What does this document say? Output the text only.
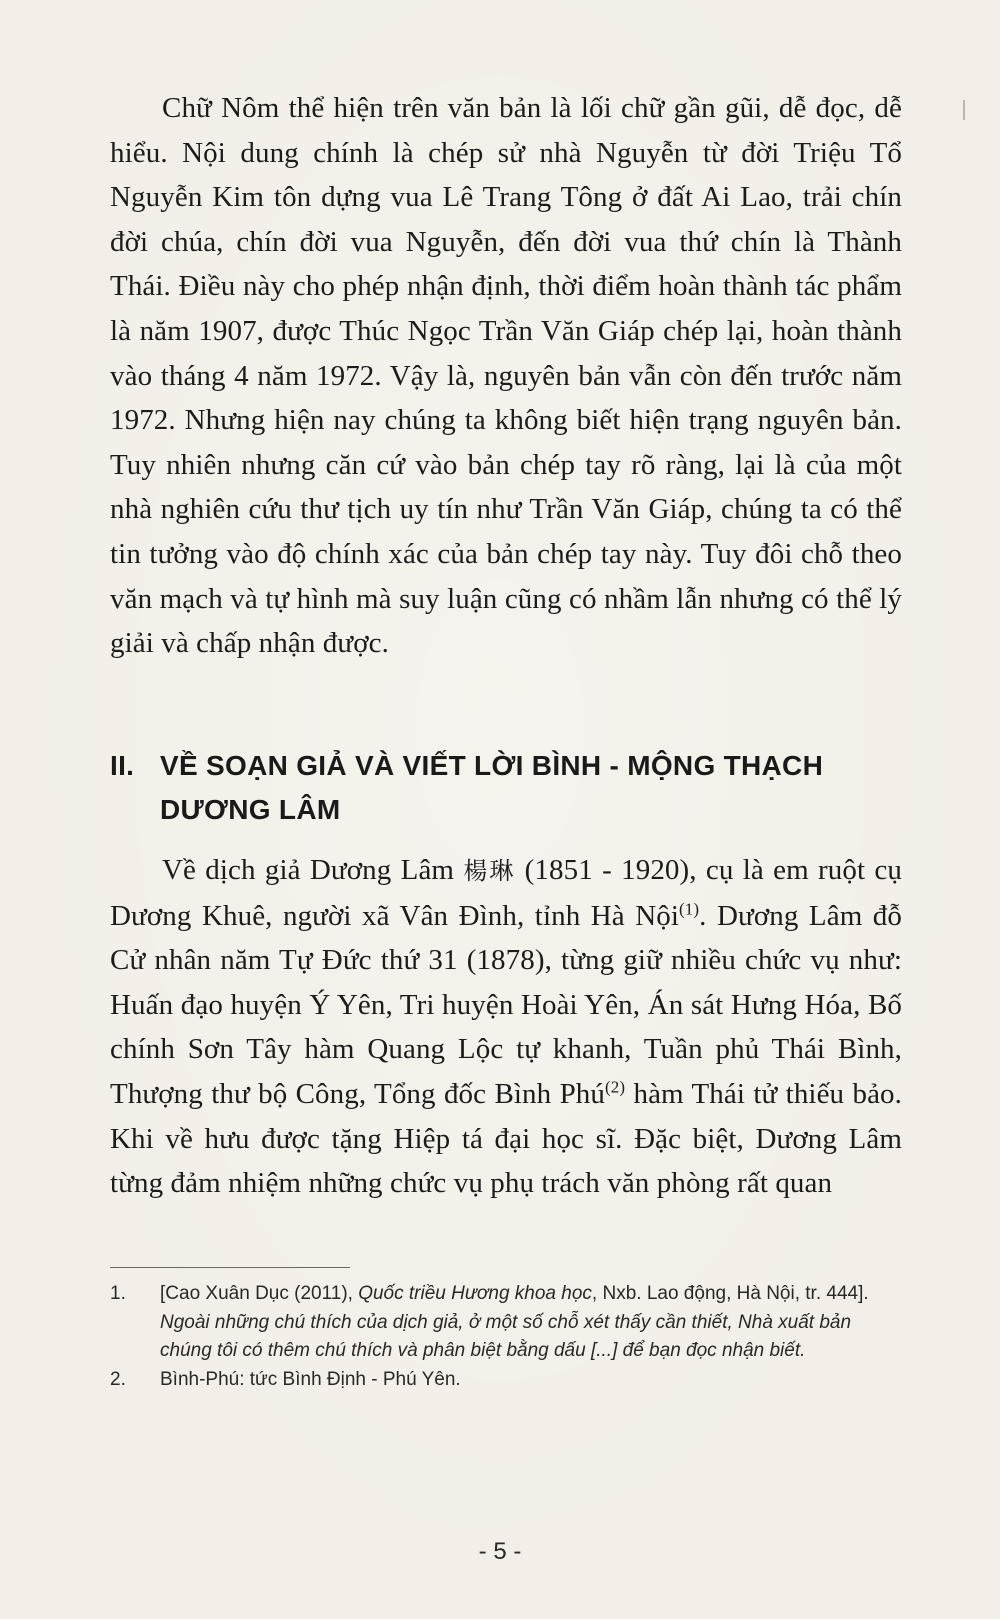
Chữ Nôm thể hiện trên văn bản là lối chữ gần gũi, dễ đọc, dễ hiểu. Nội dung chính là chép sử nhà Nguyễn từ đời Triệu Tổ Nguyễn Kim tôn dựng vua Lê Trang Tông ở đất Ai Lao, trải chín đời chúa, chín đời vua Nguyễn, đến đời vua thứ chín là Thành Thái. Điều này cho phép nhận định, thời điểm hoàn thành tác phẩm là năm 1907, được Thúc Ngọc Trần Văn Giáp chép lại, hoàn thành vào tháng 4 năm 1972. Vậy là, nguyên bản vẫn còn đến trước năm 1972. Nhưng hiện nay chúng ta không biết hiện trạng nguyên bản. Tuy nhiên nhưng căn cứ vào bản chép tay rõ ràng, lại là của một nhà nghiên cứu thư tịch uy tín như Trần Văn Giáp, chúng ta có thể tin tưởng vào độ chính xác của bản chép tay này. Tuy đôi chỗ theo văn mạch và tự hình mà suy luận cũng có nhầm lẫn nhưng có thể lý giải và chấp nhận được.

II. VỀ SOẠN GIẢ VÀ VIẾT LỜI BÌNH - MỘNG THẠCH
DƯƠNG LÂM

Về dịch giả Dương Lâm 楊琳 (1851 - 1920), cụ là em ruột cụ Dương Khuê, người xã Vân Đình, tỉnh Hà Nội$^{(1)}$. Dương Lâm đỗ Cử nhân năm Tự Đức thứ 31 (1878), từng giữ nhiều chức vụ như: Huấn đạo huyện Ý Yên, Tri huyện Hoài Yên, Án sát Hưng Hóa, Bố chính Sơn Tây hàm Quang Lộc tự khanh, Tuần phủ Thái Bình, Thượng thư bộ Công, Tổng đốc Bình Phú$^{(2)}$ hàm Thái tử thiếu bảo. Khi về hưu được tặng Hiệp tá đại học sĩ. Đặc biệt, Dương Lâm từng đảm nhiệm những chức vụ phụ trách văn phòng rất quan

1. [Cao Xuân Dục (2011), Quốc triều Hương khoa học, Nxb. Lao động, Hà Nội, tr. 444].
Ngoài những chú thích của dịch giả, ở một số chỗ xét thấy cần thiết, Nhà xuất bản chúng tôi có thêm chú thích và phân biệt bằng dấu [...] để bạn đọc nhận biết.
2. Bình-Phú: tức Bình Định - Phú Yên.
- 5 -
